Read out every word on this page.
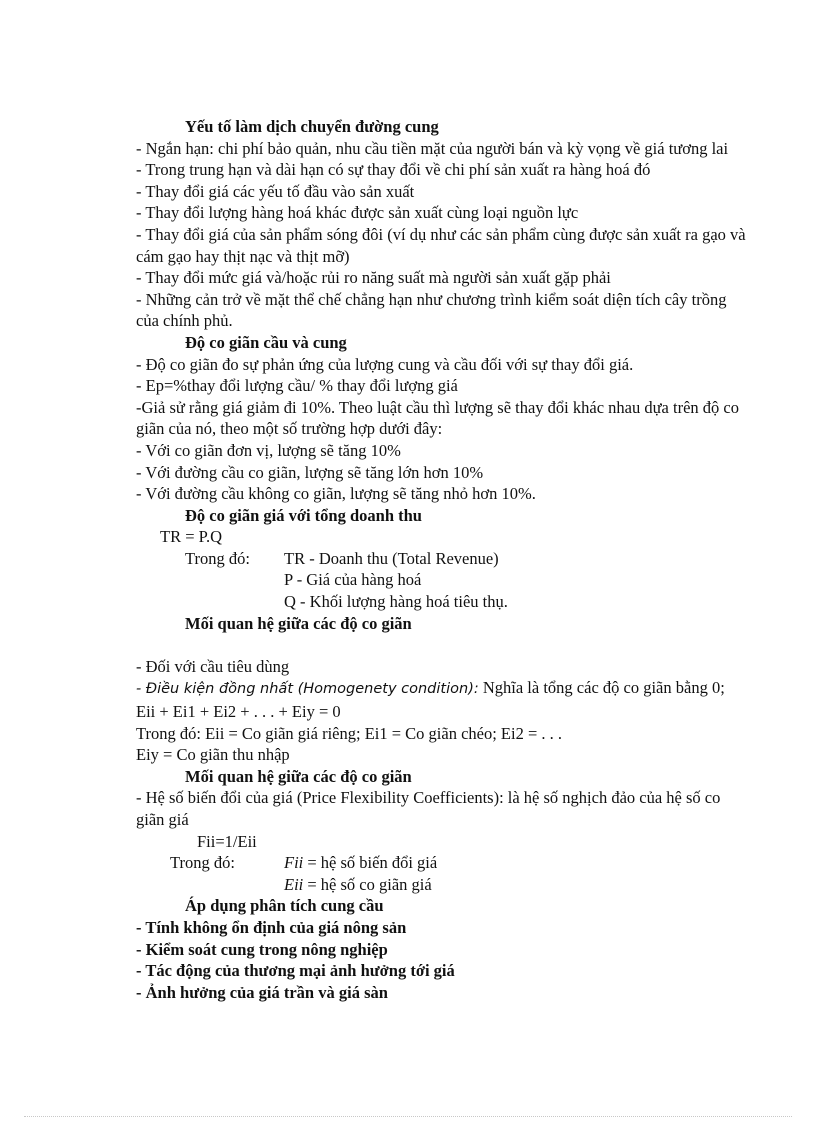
Yếu tố làm dịch chuyển đường cung
- Ngắn hạn: chi phí bảo quản, nhu cầu tiền mặt của người bán và kỳ vọng về giá tương lai
- Trong trung hạn và dài hạn có sự thay đổi về chi phí sản xuất ra hàng hoá đó
- Thay đổi giá các yếu tố đầu vào sản xuất
- Thay đổi lượng hàng hoá khác được sản xuất cùng loại nguồn lực
- Thay đổi giá của sản phẩm sóng đôi (ví dụ như các sản phẩm cùng được sản xuất ra gạo và cám gạo hay thịt nạc và thịt mỡ)
- Thay đổi mức giá và/hoặc rủi ro năng suất mà người sản xuất gặp phải
- Những cản trở về mặt thể chế chẳng hạn như chương trình kiểm soát diện tích cây trồng của chính phủ.
Độ co giãn cầu và cung
- Độ co giãn đo sự phản ứng của lượng cung và cầu đối với sự thay đổi giá.
- Ep=%thay đổi lượng cầu/ % thay đổi lượng giá
-Giả sử rằng giá giảm đi 10%. Theo luật cầu thì lượng sẽ thay đổi khác nhau dựa trên độ co giãn của nó, theo một số trường hợp dưới đây:
- Với co giãn đơn vị, lượng sẽ tăng 10%
- Với đường cầu co giãn, lượng sẽ tăng lớn hơn 10%
- Với đường cầu không co giãn, lượng sẽ tăng nhỏ hơn 10%.
Độ co giãn giá với tổng doanh thu
TR = P.Q
Trong đó: TR - Doanh thu (Total Revenue)
P - Giá của hàng hoá
Q - Khối lượng hàng hoá tiêu thụ.
Mối quan hệ giữa các độ co giãn
- Đối với cầu tiêu dùng
- Điều kiện đồng nhất (Homogenety condition): Nghĩa là tổng các độ co giãn bằng 0; Eii + Ei1 + Ei2 + . . . + Eiy = 0
Trong đó: Eii = Co giãn giá riêng; Ei1 = Co giãn chéo; Ei2 = . . .
Eiy = Co giãn thu nhập
Mối quan hệ giữa các độ co giãn
- Hệ số biến đổi của giá (Price Flexibility Coefficients): là hệ số nghịch đảo của hệ số co giãn giá
Fii=1/Eii
Trong đó:	Fii = hệ số biến đổi giá
Eii = hệ số co giãn giá
Áp dụng phân tích cung cầu
- Tính không ổn định của giá nông sản
- Kiểm soát cung trong nông nghiệp
- Tác động của thương mại ảnh hưởng tới giá
- Ảnh hưởng của giá trần và giá sàn
